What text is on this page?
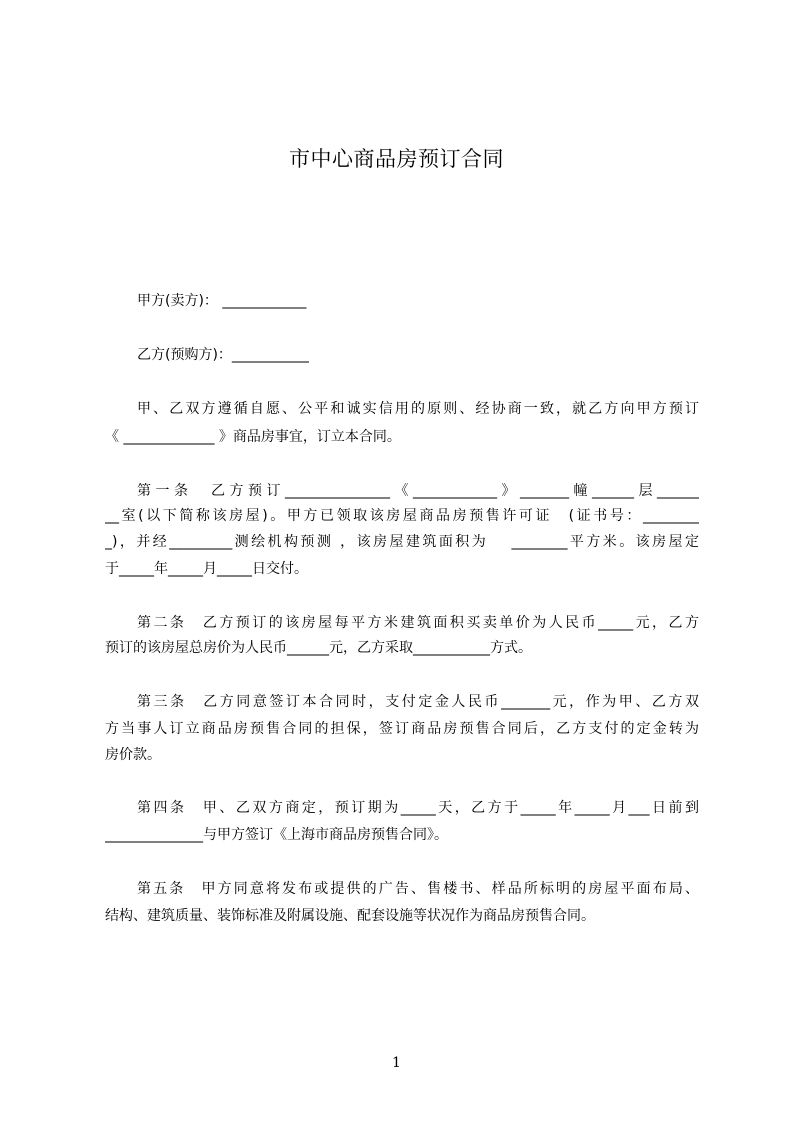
市中心商品房预订合同

甲方(卖方)： ____________

乙方(预购方)：___________

甲、乙双方遵循自愿、公平和诚实信用的原则、经协商一致，就乙方向甲方预订

《 _____________ 》商品房事宜，订立本合同。

第一条　乙方预订_______________《____________》_______幢______层______

__室(以下简称该房屋)。甲方已领取该房屋商品房预售许可证　(证书号：________

_)，并经_________测绘机构预测 ，该房屋建筑面积为　 ________平方米。该房屋定

于_____年_____月_____日交付。

第二条　乙方预订的该房屋每平方米建筑面积买卖单价为人民币_____元，乙方

预订的该房屋总房价为人民币______元，乙方采取___________方式。

第三条　乙方同意签订本合同时，支付定金人民币_______元，作为甲、乙方双

方当事人订立商品房预售合同的担保，签订商品房预售合同后，乙方支付的定金转为

房价款。

第四条　甲、乙双方商定，预订期为_____天，乙方于_____年_____月___日前到

______________与甲方签订《上海市商品房预售合同》。

第五条　甲方同意将发布或提供的广告、售楼书、样品所标明的房屋平面布局、

结构、建筑质量、装饰标准及附属设施、配套设施等状况作为商品房预售合同。

1
